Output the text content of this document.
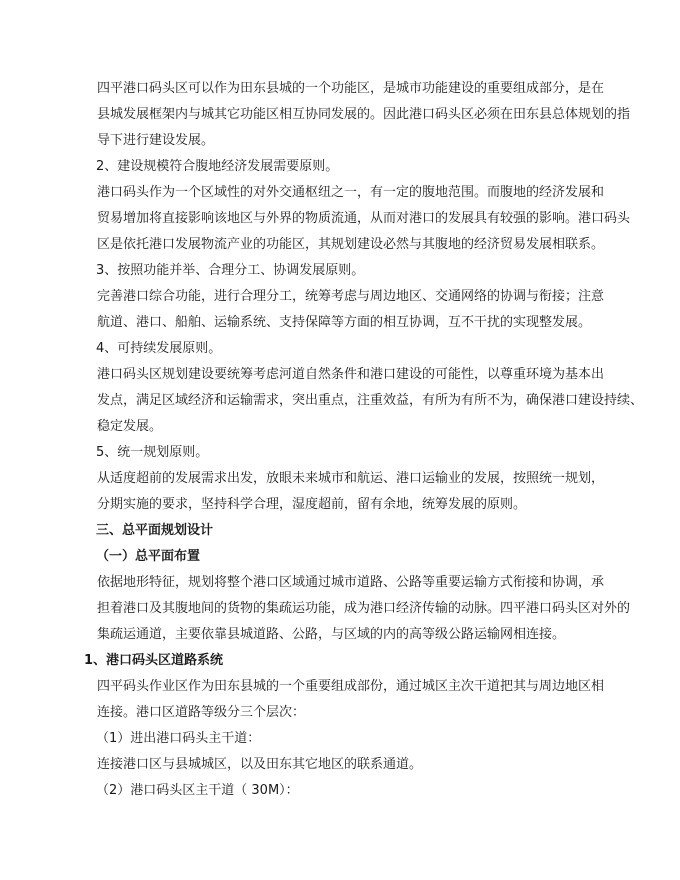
四平港口码头区可以作为田东县城的一个功能区，是城市功能建设的重要组成部分，是在
县城发展框架内与城其它功能区相互协同发展的。因此港口码头区必须在田东县总体规划的指
导下进行建设发展。

2、建设规模符合腹地经济发展需要原则。

港口码头作为一个区域性的对外交通枢纽之一，有一定的腹地范围。而腹地的经济发展和
贸易增加将直接影响该地区与外界的物质流通，从而对港口的发展具有较强的影响。港口码头
区是依托港口发展物流产业的功能区，其规划建设必然与其腹地的经济贸易发展相联系。

3、按照功能并举、合理分工、协调发展原则。

完善港口综合功能，进行合理分工，统筹考虑与周边地区、交通网络的协调与衔接；注意
航道、港口、船舶、运输系统、支持保障等方面的相互协调，互不干扰的实现整发展。

4、可持续发展原则。

港口码头区规划建设要统筹考虑河道自然条件和港口建设的可能性，以尊重环境为基本出
发点，满足区域经济和运输需求，突出重点，注重效益，有所为有所不为，确保港口建设持续、
稳定发展。

5、统一规划原则。

从适度超前的发展需求出发，放眼未来城市和航运、港口运输业的发展，按照统一规划，
分期实施的要求，坚持科学合理，湿度超前，留有余地，统筹发展的原则。

三、总平面规划设计

（一）总平面布置

依据地形特征，规划将整个港口区域通过城市道路、公路等重要运输方式衔接和协调，承
担着港口及其腹地间的货物的集疏运功能，成为港口经济传输的动脉。四平港口码头区对外的
集疏运通道，主要依靠县城道路、公路，与区域的内的高等级公路运输网相连接。

1、港口码头区道路系统

四平码头作业区作为田东县城的一个重要组成部份，通过城区主次干道把其与周边地区相
连接。港口区道路等级分三个层次：

（1）进出港口码头主干道：

连接港口区与县城城区，以及田东其它地区的联系通道。

（2）港口码头区主干道（ 30M）：
